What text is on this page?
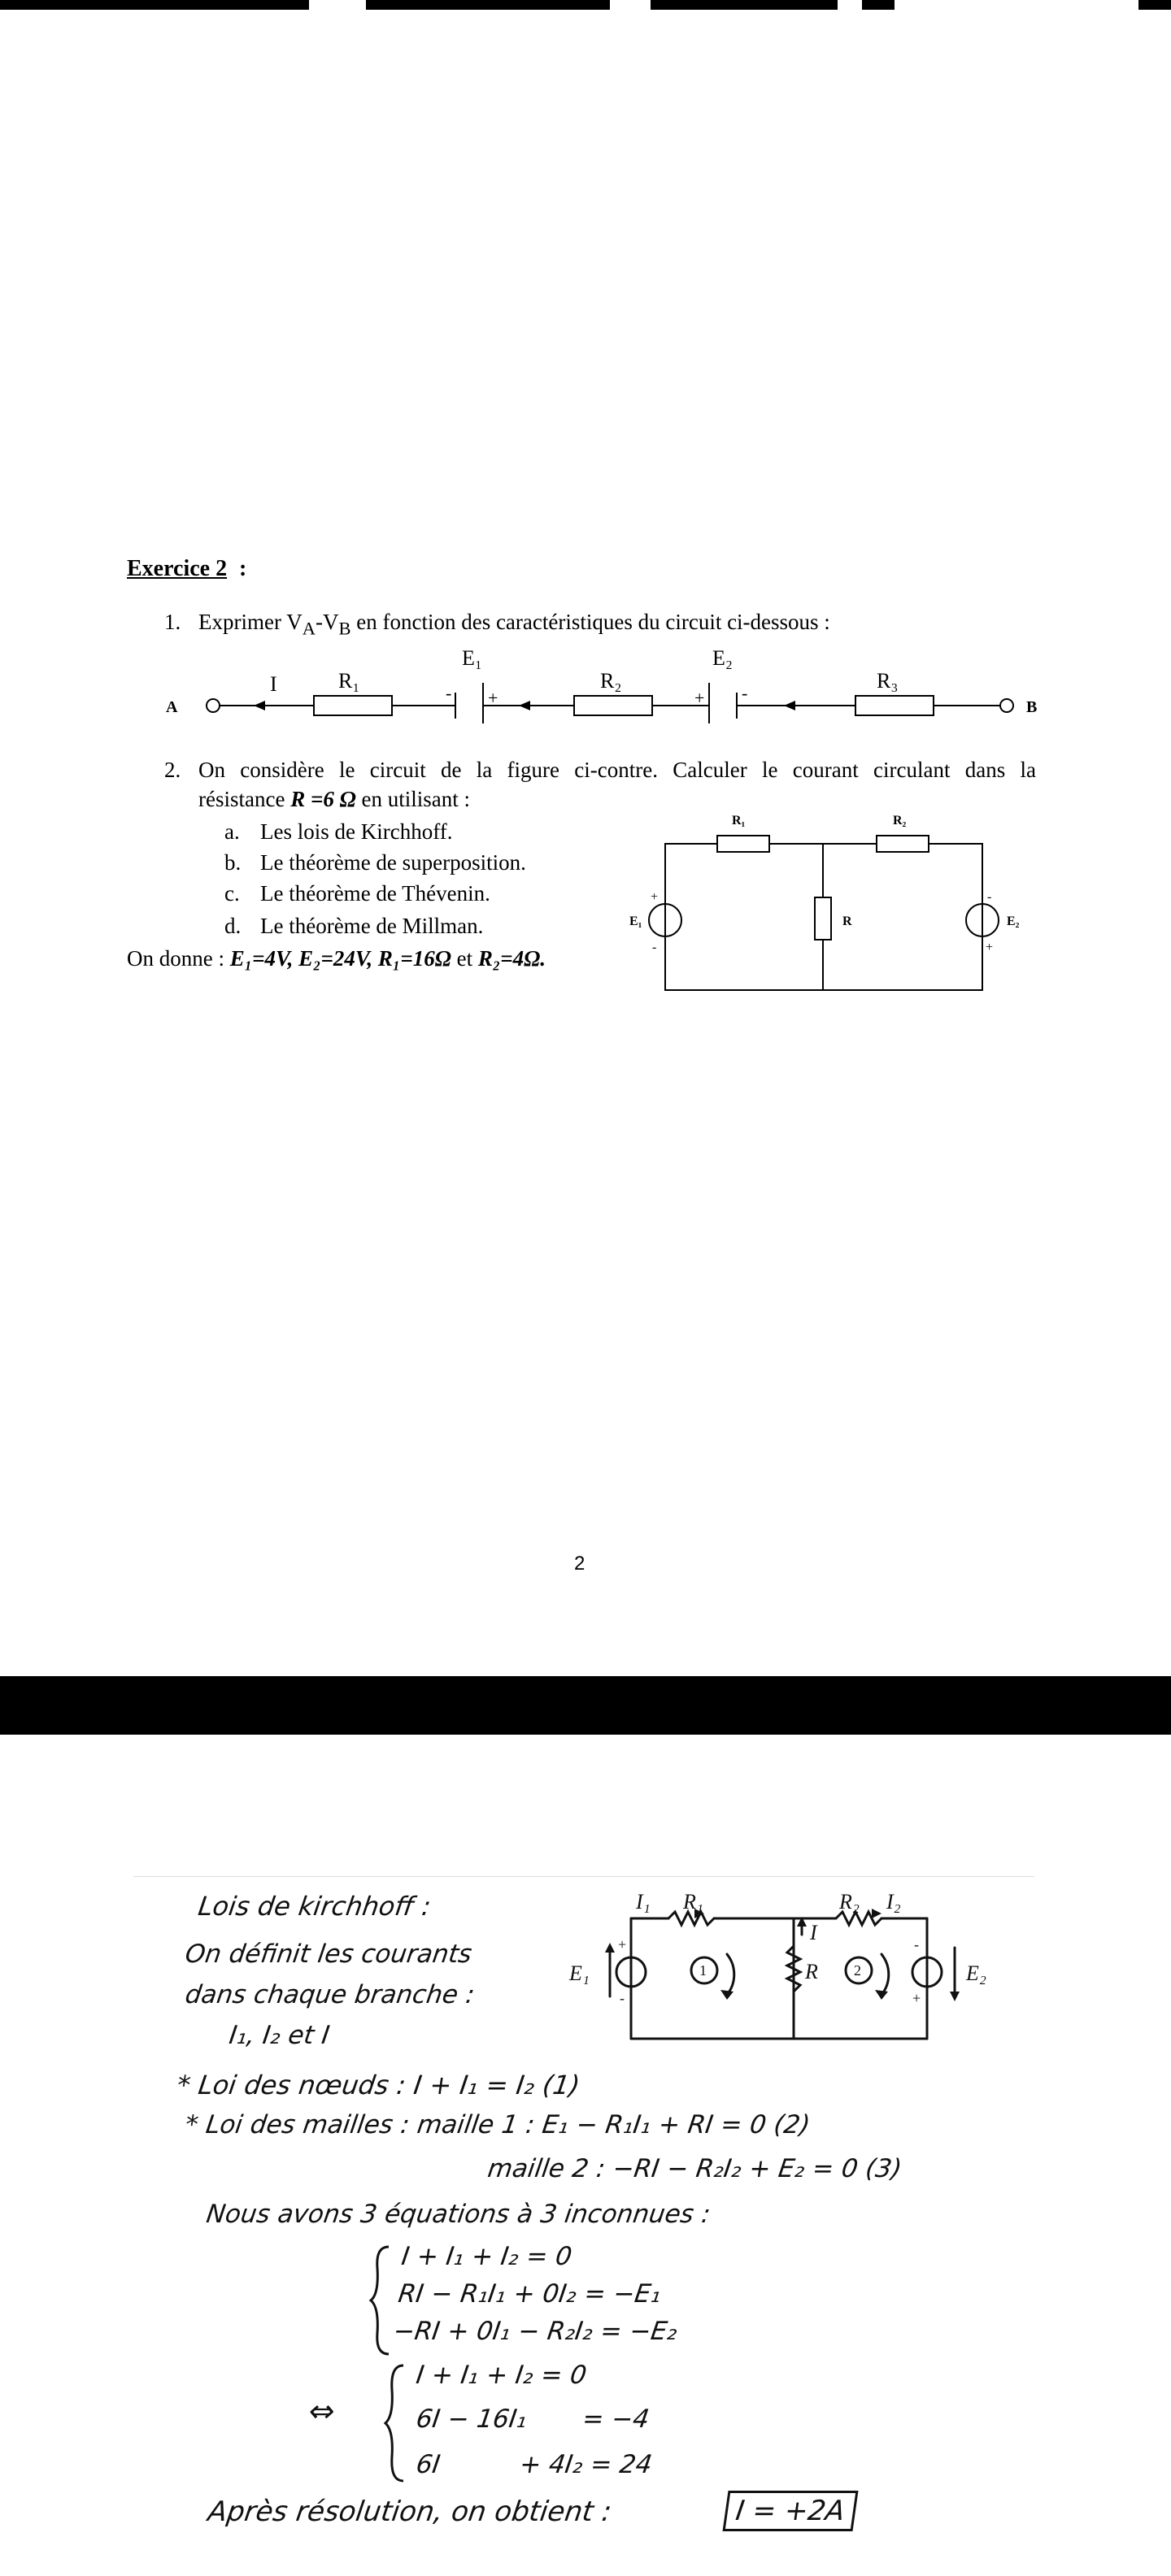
Exercice 2 :
1. Exprimer $V_A-V_B$ en fonction des caractéristiques du circuit ci-dessous :
A	B
I	R₁
E₁
- +
R₂
E₂
+ -
R₃
2. On considère le circuit de la figure ci-contre. Calculer le courant circulant dans la
résistance R =6 Ω en utilisant :
a. Les lois de Kirchhoff.
b. Le théorème de superposition.
c. Le théorème de Thévenin.
d. Le théorème de Millman.
On donne : E₁=4V, E₂=24V, R₁=16Ω et R₂=4Ω.
R₁	R₂
R
E₁	E₂
+
-
-
+
2
Lois de kirchhoff :
On définit les courants
dans chaque branche :
I₁, I₂ et I
I₁ R₁	R₂ I₂
I
R
E₁	E₂
1	2
+
-
-
+
* Loi des nœuds : I + I₁ = I₂ (1)
* Loi des mailles : maille 1 : E₁ − R₁I₁ + RI = 0 (2)
maille 2 : −RI − R₂I₂ + E₂ = 0 (3)
Nous avons 3 équations à 3 inconnues :
I + I₁ + I₂ = 0
RI − R₁I₁ + 0I₂ = −E₁
−RI + 0I₁ − R₂I₂ = −E₂
⇔
I + I₁ + I₂ = 0
6I − 16I₁       = −4
6I          + 4I₂ = 24
Après résolution, on obtient :	I = +2A
